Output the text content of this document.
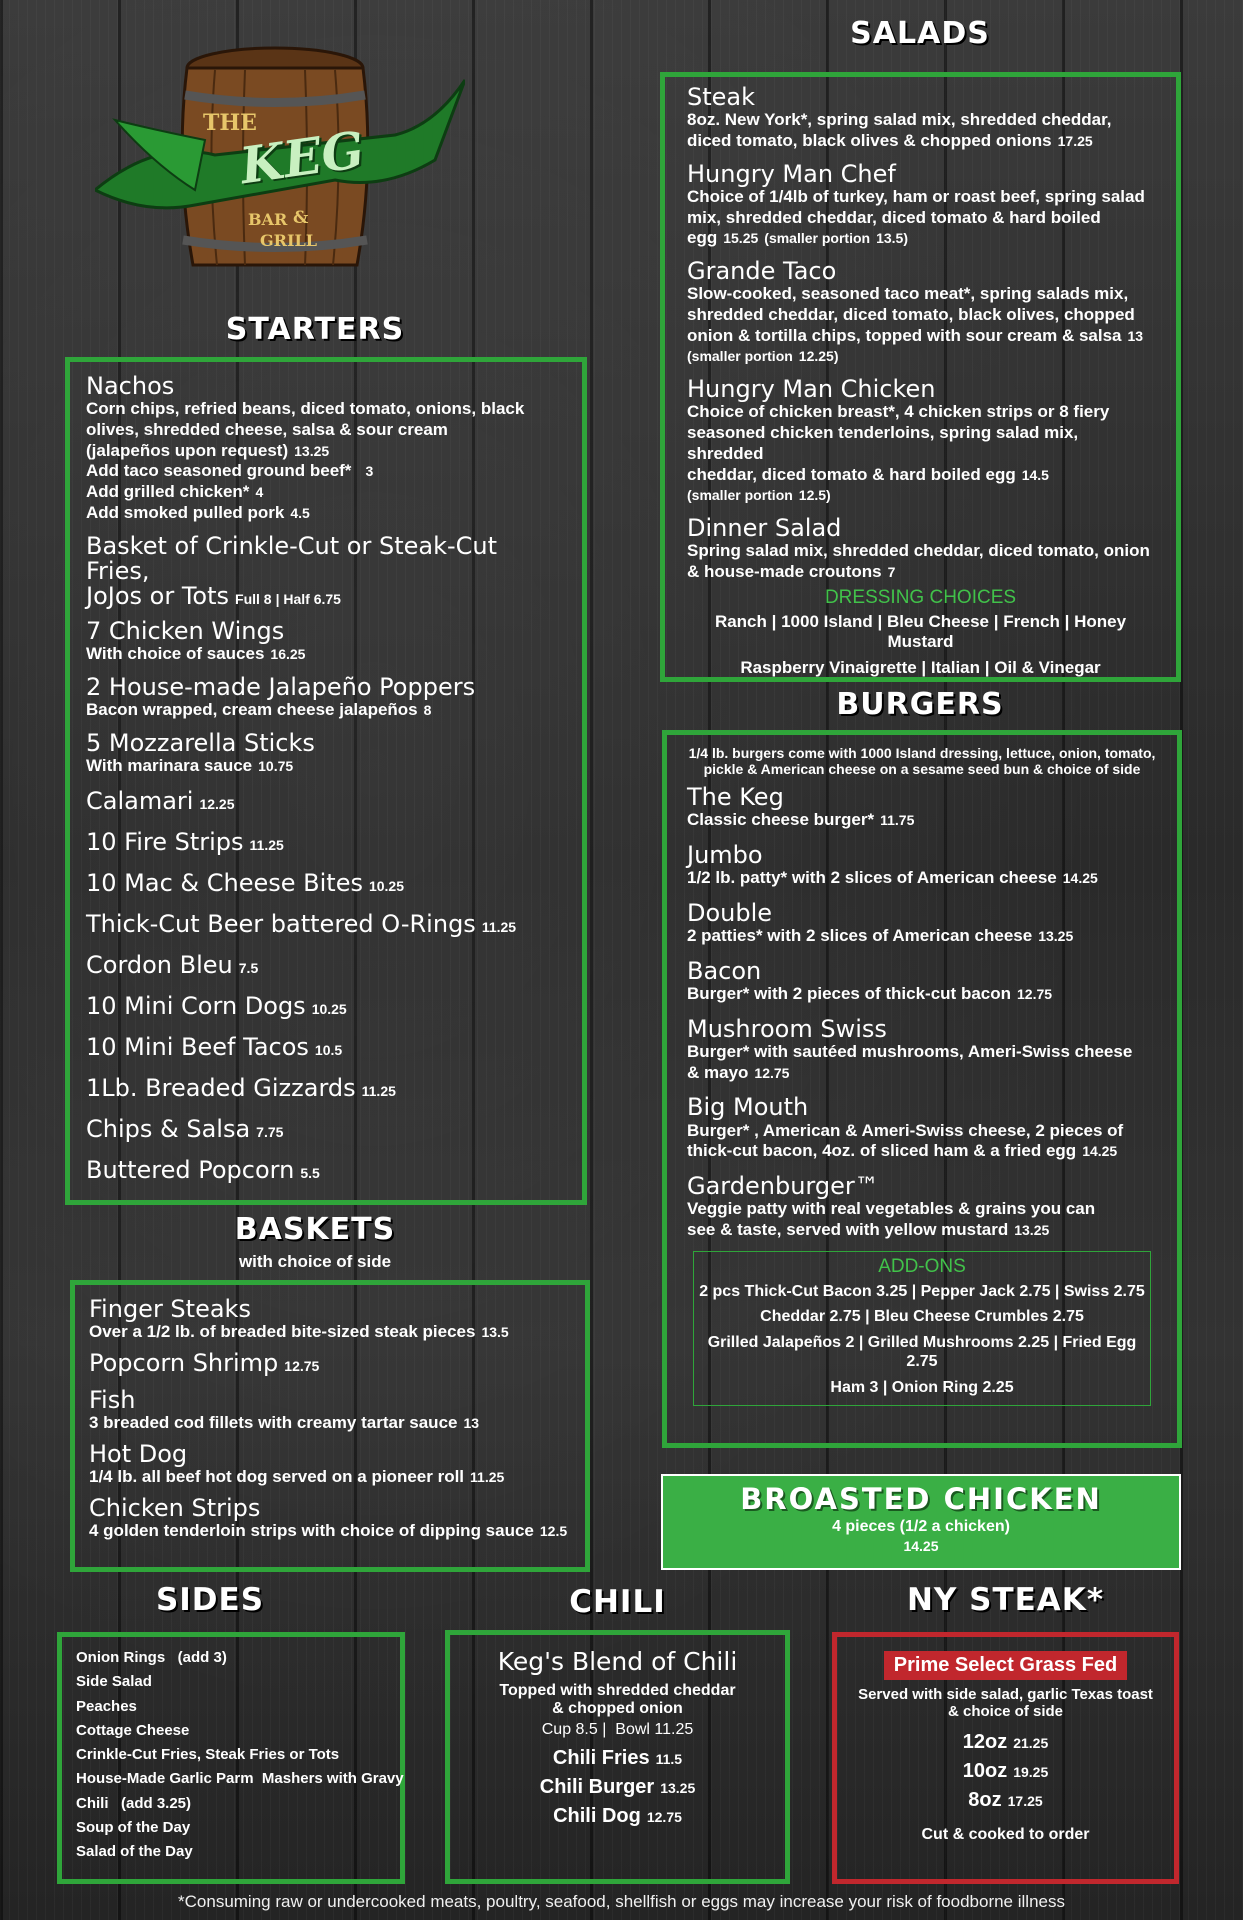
THE
KEG
BAR &
GRILL
STARTERS
Nachos
Corn chips, refried beans, diced tomato, onions, black
olives, shredded cheese, salsa & sour cream
(jalapeños upon request) 13.25
Add taco seasoned ground beef* 3
Add grilled chicken* 4
Add smoked pulled pork 4.5
Basket of Crinkle-Cut or Steak-Cut Fries,
JoJos or Tots Full 8 | Half 6.75
7 Chicken Wings
With choice of sauces 16.25
2 House-made Jalapeño Poppers
Bacon wrapped, cream cheese jalapeños 8
5 Mozzarella Sticks
With marinara sauce 10.75
Calamari 12.25
10 Fire Strips 11.25
10 Mac & Cheese Bites 10.25
Thick-Cut Beer battered O-Rings 11.25
Cordon Bleu 7.5
10 Mini Corn Dogs 10.25
10 Mini Beef Tacos 10.5
1Lb. Breaded Gizzards 11.25
Chips & Salsa 7.75
Buttered Popcorn 5.5
BASKETS
with choice of side
Finger Steaks
Over a 1/2 lb. of breaded bite-sized steak pieces 13.5
Popcorn Shrimp 12.75
Fish
3 breaded cod fillets with creamy tartar sauce 13
Hot Dog
1/4 lb. all beef hot dog served on a pioneer roll 11.25
Chicken Strips
4 golden tenderloin strips with choice of dipping sauce 12.5
SALADS
Steak
8oz. New York*, spring salad mix, shredded cheddar,
diced tomato, black olives & chopped onions 17.25
Hungry Man Chef
Choice of 1/4lb of turkey, ham or roast beef, spring salad
mix, shredded cheddar, diced tomato & hard boiled
egg 15.25 (smaller portion 13.5)
Grande Taco
Slow-cooked, seasoned taco meat*, spring salads mix,
shredded cheddar, diced tomato, black olives, chopped
onion & tortilla chips, topped with sour cream & salsa 13
(smaller portion 12.25)
Hungry Man Chicken
Choice of chicken breast*, 4 chicken strips or 8 fiery
seasoned chicken tenderloins, spring salad mix, shredded
cheddar, diced tomato & hard boiled egg 14.5
(smaller portion 12.5)
Dinner Salad
Spring salad mix, shredded cheddar, diced tomato, onion
& house-made croutons 7
DRESSING CHOICES
Ranch | 1000 Island | Bleu Cheese | French | Honey Mustard
Raspberry Vinaigrette | Italian | Oil & Vinegar
BURGERS
1/4 lb. burgers come with 1000 Island dressing, lettuce, onion, tomato,
pickle & American cheese on a sesame seed bun & choice of side
The Keg
Classic cheese burger* 11.75
Jumbo
1/2 lb. patty* with 2 slices of American cheese 14.25
Double
2 patties* with 2 slices of American cheese 13.25
Bacon
Burger* with 2 pieces of thick-cut bacon 12.75
Mushroom Swiss
Burger* with sautéed mushrooms, Ameri-Swiss cheese
& mayo 12.75
Big Mouth
Burger* , American & Ameri-Swiss cheese, 2 pieces of
thick-cut bacon, 4oz. of sliced ham & a fried egg 14.25
Gardenburger™
Veggie patty with real vegetables & grains you can
see & taste, served with yellow mustard 13.25
ADD-ONS
2 pcs Thick-Cut Bacon 3.25 | Pepper Jack 2.75 | Swiss 2.75
Cheddar 2.75 | Bleu Cheese Crumbles 2.75
Grilled Jalapeños 2 | Grilled Mushrooms 2.25 | Fried Egg 2.75
Ham 3 | Onion Ring 2.25
BROASTED CHICKEN
4 pieces (1/2 a chicken)
14.25
SIDES
Onion Rings   (add 3)
Side Salad
Peaches
Cottage Cheese
Crinkle-Cut Fries, Steak Fries or Tots
House-Made Garlic Parm  Mashers with Gravy
Chili   (add 3.25)
Soup of the Day
Salad of the Day
CHILI
Keg's Blend of Chili
Topped with shredded cheddar
& chopped onion
Cup 8.5 |  Bowl 11.25
Chili Fries 11.5
Chili Burger 13.25
Chili Dog 12.75
NY STEAK*
Prime Select Grass Fed
Served with side salad, garlic Texas toast
& choice of side
12oz 21.25
10oz 19.25
8oz 17.25
Cut & cooked to order
*Consuming raw or undercooked meats, poultry, seafood, shellfish or eggs may increase your risk of foodborne illness
